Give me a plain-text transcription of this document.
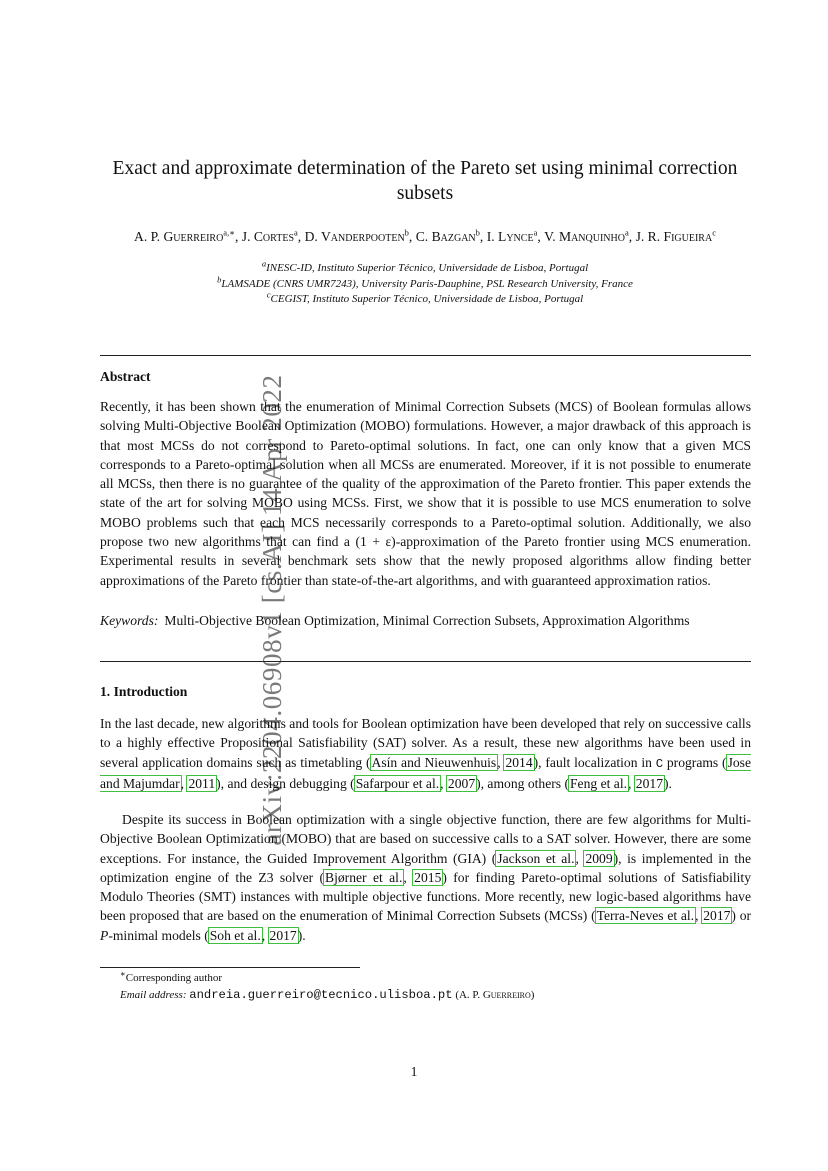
arXiv:2204.06908v1 [cs.AI] 14 Apr 2022
Exact and approximate determination of the Pareto set using minimal correction subsets
A. P. Guerreiro$^{a,∗}$, J. Cortes$^a$, D. Vanderpooten$^b$, C. Bazgan$^b$, I. Lynce$^a$, V. Manquinho$^a$, J. R. Figueira$^c$
$^a$INESC-ID, Instituto Superior Técnico, Universidade de Lisboa, Portugal
$^b$LAMSADE (CNRS UMR7243), University Paris-Dauphine, PSL Research University, France
$^c$CEGIST, Instituto Superior Técnico, Universidade de Lisboa, Portugal
Abstract

Recently, it has been shown that the enumeration of Minimal Correction Subsets (MCS) of Boolean formulas allows solving Multi-Objective Boolean Optimization (MOBO) formulations. However, a major drawback of this approach is that most MCSs do not correspond to Pareto-optimal solutions. In fact, one can only know that a given MCS corresponds to a Pareto-optimal solution when all MCSs are enumerated. Moreover, if it is not possible to enumerate all MCSs, then there is no guarantee of the quality of the approximation of the Pareto frontier. This paper extends the state of the art for solving MOBO using MCSs. First, we show that it is possible to use MCS enumeration to solve MOBO problems such that each MCS necessarily corresponds to a Pareto-optimal solution. Additionally, we also propose two new algorithms that can find a (1 + ε)-approximation of the Pareto frontier using MCS enumeration. Experimental results in several benchmark sets show that the newly proposed algorithms allow finding better approximations of the Pareto frontier than state-of-the-art algorithms, and with guaranteed approximation ratios.

Keywords: Multi-Objective Boolean Optimization, Minimal Correction Subsets, Approximation Algorithms
1. Introduction

In the last decade, new algorithms and tools for Boolean optimization have been developed that rely on successive calls to a highly effective Propositional Satisfiability (SAT) solver. As a result, these new algorithms have been used in several application domains such as timetabling (Asín and Nieuwenhuis, 2014), fault localization in C programs (Jose and Majumdar, 2011), and design debugging (Safarpour et al., 2007), among others (Feng et al., 2017).

Despite its success in Boolean optimization with a single objective function, there are few algorithms for Multi-Objective Boolean Optimization (MOBO) that are based on successive calls to a SAT solver. However, there are some exceptions. For instance, the Guided Improvement Algorithm (GIA) (Jackson et al., 2009), is implemented in the optimization engine of the Z3 solver (Bjørner et al., 2015) for finding Pareto-optimal solutions of Satisfiability Modulo Theories (SMT) instances with multiple objective functions. More recently, new logic-based algorithms have been proposed that are based on the enumeration of Minimal Correction Subsets (MCSs) (Terra-Neves et al., 2017) or P-minimal models (Soh et al., 2017).

∗Corresponding author
Email address: andreia.guerreiro@tecnico.ulisboa.pt (A. P. Guerreiro)
1
